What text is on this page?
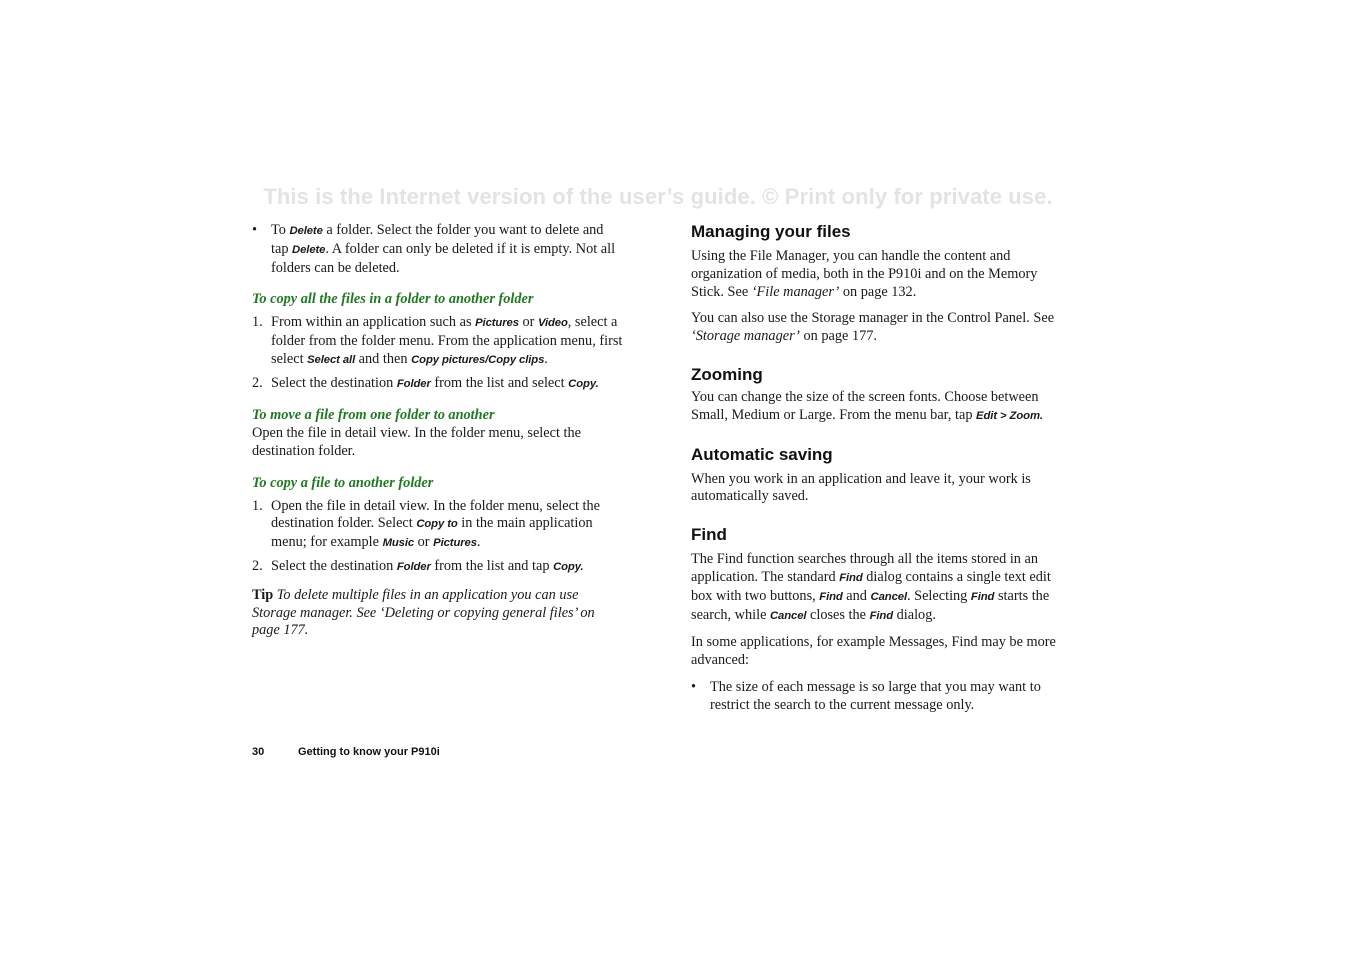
This is the Internet version of the user’s guide. © Print only for private use.
• To Delete a folder. Select the folder you want to delete and tap Delete. A folder can only be deleted if it is empty. Not all folders can be deleted.
To copy all the files in a folder to another folder
1. From within an application such as Pictures or Video, select a folder from the folder menu. From the application menu, first select Select all and then Copy pictures/Copy clips.
2. Select the destination Folder from the list and select Copy.
To move a file from one folder to another

Open the file in detail view. In the folder menu, select the destination folder.

To copy a file to another folder
1. Open the file in detail view. In the folder menu, select the destination folder. Select Copy to in the main application menu; for example Music or Pictures.
2. Select the destination Folder from the list and tap Copy.

Tip To delete multiple files in an application you can use Storage manager. See ‘Deleting or copying general files’ on page 177.

Managing your files

Using the File Manager, you can handle the content and organization of media, both in the P910i and on the Memory Stick. See ‘File manager’ on page 132.

You can also use the Storage manager in the Control Panel. See ‘Storage manager’ on page 177.

Zooming

You can change the size of the screen fonts. Choose between Small, Medium or Large. From the menu bar, tap Edit > Zoom.

Automatic saving

When you work in an application and leave it, your work is automatically saved.

Find

The Find function searches through all the items stored in an application. The standard Find dialog contains a single text edit box with two buttons, Find and Cancel. Selecting Find starts the search, while Cancel closes the Find dialog.

In some applications, for example Messages, Find may be more advanced:

• The size of each message is so large that you may want to restrict the search to the current message only.
30	Getting to know your P910i
